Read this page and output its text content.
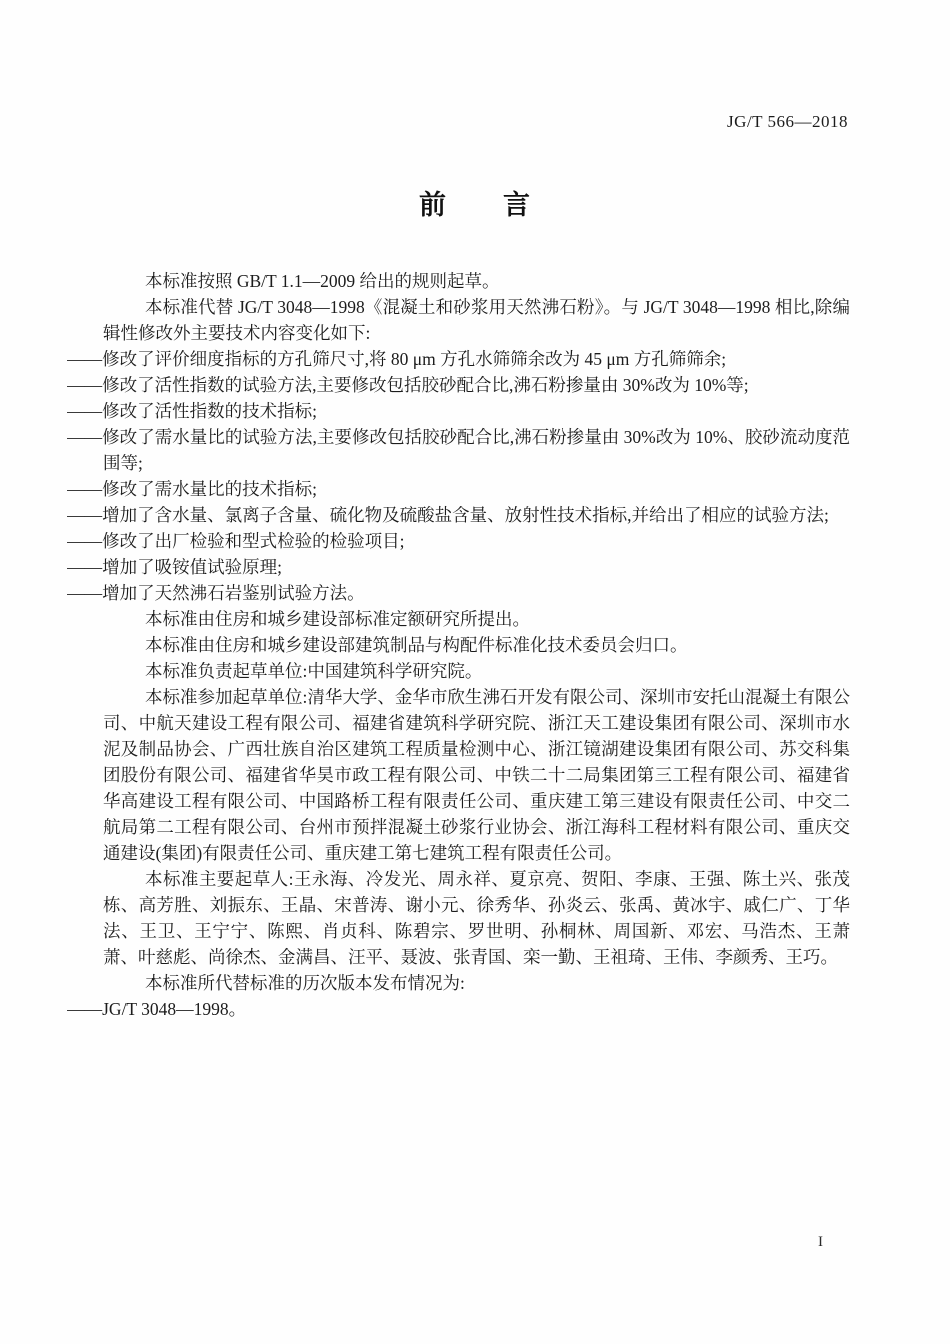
JG/T 566—2018
前　　言

本标准按照 GB/T 1.1—2009 给出的规则起草。

本标准代替 JG/T 3048—1998《混凝土和砂浆用天然沸石粉》。与 JG/T 3048—1998 相比,除编辑性修改外主要技术内容变化如下:

——修改了评价细度指标的方孔筛尺寸,将 80 μm 方孔水筛筛余改为 45 μm 方孔筛筛余;

——修改了活性指数的试验方法,主要修改包括胶砂配合比,沸石粉掺量由 30%改为 10%等;

——修改了活性指数的技术指标;

——修改了需水量比的试验方法,主要修改包括胶砂配合比,沸石粉掺量由 30%改为 10%、胶砂流动度范围等;

——修改了需水量比的技术指标;

——增加了含水量、氯离子含量、硫化物及硫酸盐含量、放射性技术指标,并给出了相应的试验方法;

——修改了出厂检验和型式检验的检验项目;

——增加了吸铵值试验原理;

——增加了天然沸石岩鉴别试验方法。

本标准由住房和城乡建设部标准定额研究所提出。

本标准由住房和城乡建设部建筑制品与构配件标准化技术委员会归口。

本标准负责起草单位:中国建筑科学研究院。

本标准参加起草单位:清华大学、金华市欣生沸石开发有限公司、深圳市安托山混凝土有限公司、中航天建设工程有限公司、福建省建筑科学研究院、浙江天工建设集团有限公司、深圳市水泥及制品协会、广西壮族自治区建筑工程质量检测中心、浙江镜湖建设集团有限公司、苏交科集团股份有限公司、福建省华昊市政工程有限公司、中铁二十二局集团第三工程有限公司、福建省华高建设工程有限公司、中国路桥工程有限责任公司、重庆建工第三建设有限责任公司、中交二航局第二工程有限公司、台州市预拌混凝土砂浆行业协会、浙江海科工程材料有限公司、重庆交通建设(集团)有限责任公司、重庆建工第七建筑工程有限责任公司。

本标准主要起草人:王永海、冷发光、周永祥、夏京亮、贺阳、李康、王强、陈土兴、张茂栋、高芳胜、刘振东、王晶、宋普涛、谢小元、徐秀华、孙炎云、张禹、黄冰宇、戚仁广、丁华法、王卫、王宁宁、陈熙、肖贞科、陈碧宗、罗世明、孙桐林、周国新、邓宏、马浩杰、王萧萧、叶慈彪、尚徐杰、金满昌、汪平、聂波、张青国、栾一勤、王祖琦、王伟、李颜秀、王巧。

本标准所代替标准的历次版本发布情况为:

——JG/T 3048—1998。

I
